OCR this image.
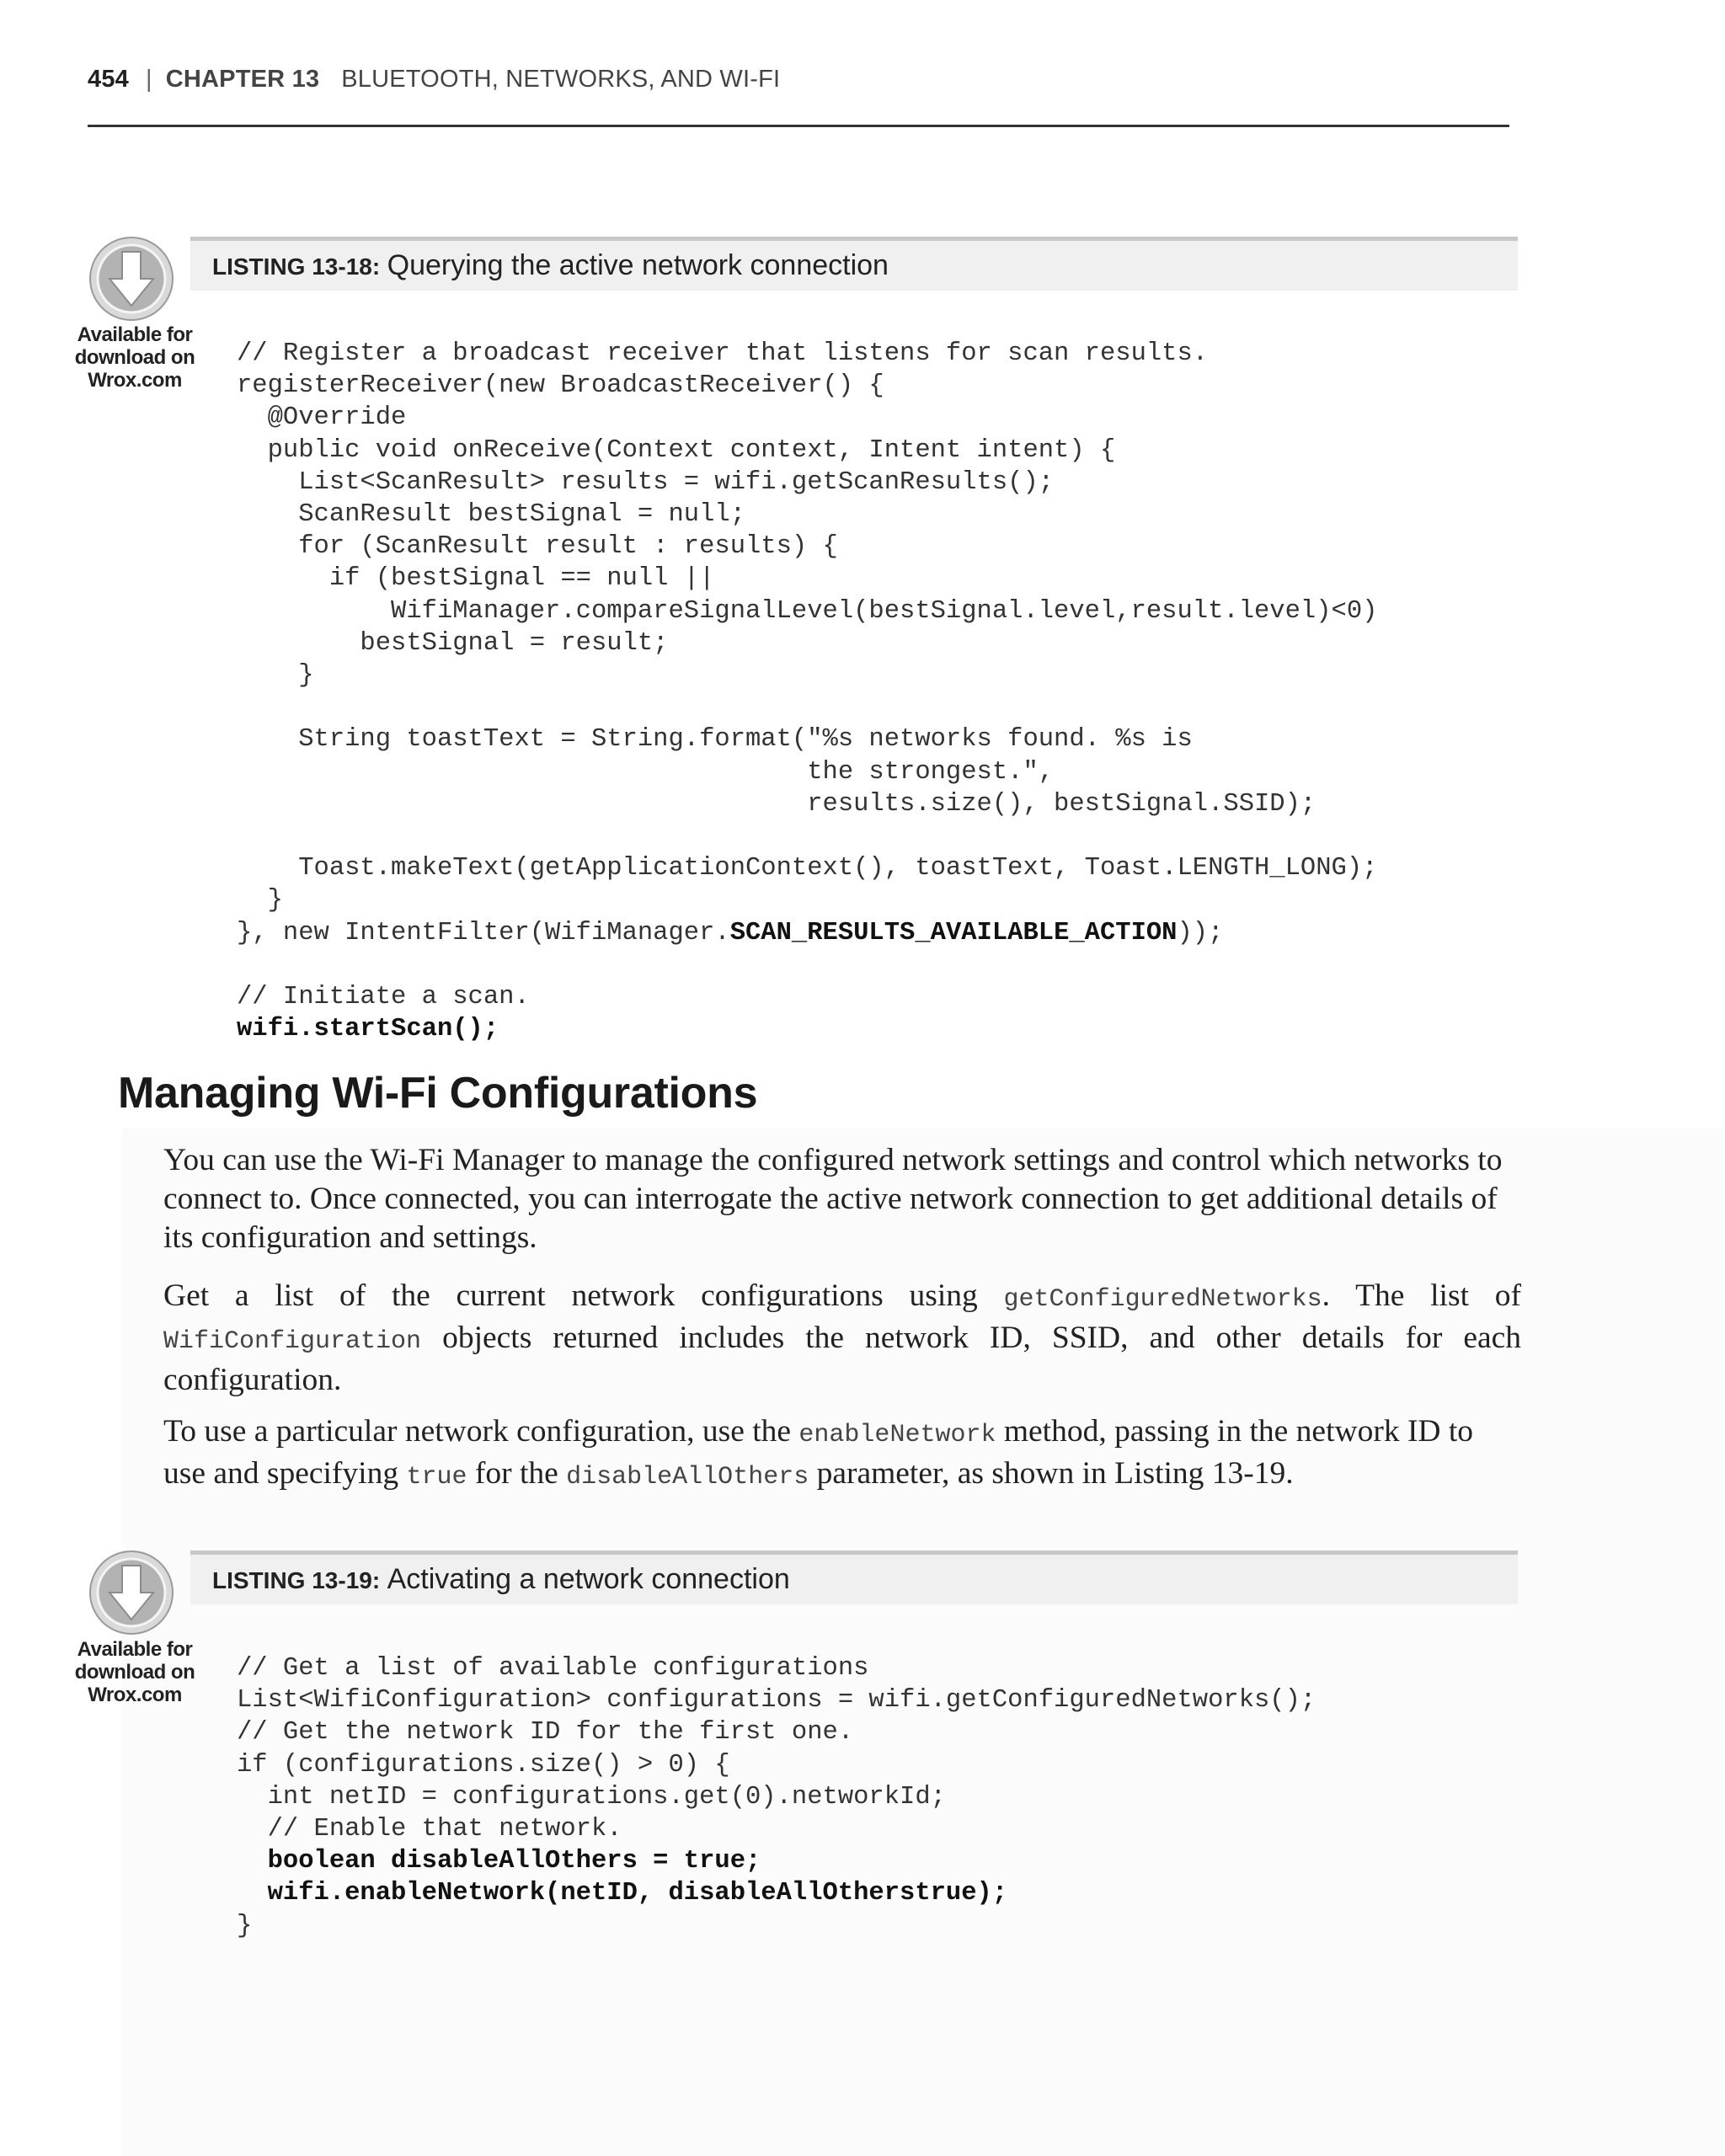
454 | CHAPTER 13 BLUETOOTH, NETWORKS, AND WI-FI
Available for
download on
Wrox.com
LISTING 13-18: Querying the active network connection
// Register a broadcast receiver that listens for scan results.
registerReceiver(new BroadcastReceiver() {
@Override
public void onReceive(Context context, Intent intent) {
List<ScanResult> results = wifi.getScanResults();
ScanResult bestSignal = null;
for (ScanResult result : results) {
if (bestSignal == null ||
WifiManager.compareSignalLevel(bestSignal.level,result.level)<0)
bestSignal = result;
}

String toastText = String.format("%s networks found. %s is
the strongest.",
results.size(), bestSignal.SSID);

Toast.makeText(getApplicationContext(), toastText, Toast.LENGTH_LONG);
}
}, new IntentFilter(WifiManager.SCAN_RESULTS_AVAILABLE_ACTION));

// Initiate a scan.
wifi.startScan();
Managing Wi-Fi Configurations

You can use the Wi-Fi Manager to manage the configured network settings and control which networks to connect to. Once connected, you can interrogate the active network connection to get additional details of its configuration and settings.

Get a list of the current network configurations using getConfiguredNetworks. The list of WifiConfiguration objects returned includes the network ID, SSID, and other details for each configuration.

To use a particular network configuration, use the enableNetwork method, passing in the network ID to use and specifying true for the disableAllOthers parameter, as shown in Listing 13-19.

Available for
download on
Wrox.com
LISTING 13-19: Activating a network connection
// Get a list of available configurations
List<WifiConfiguration> configurations = wifi.getConfiguredNetworks();
// Get the network ID for the first one.
if (configurations.size() > 0) {
int netID = configurations.get(0).networkId;
// Enable that network.
boolean disableAllOthers = true;
wifi.enableNetwork(netID, disableAllOtherstrue);
}
